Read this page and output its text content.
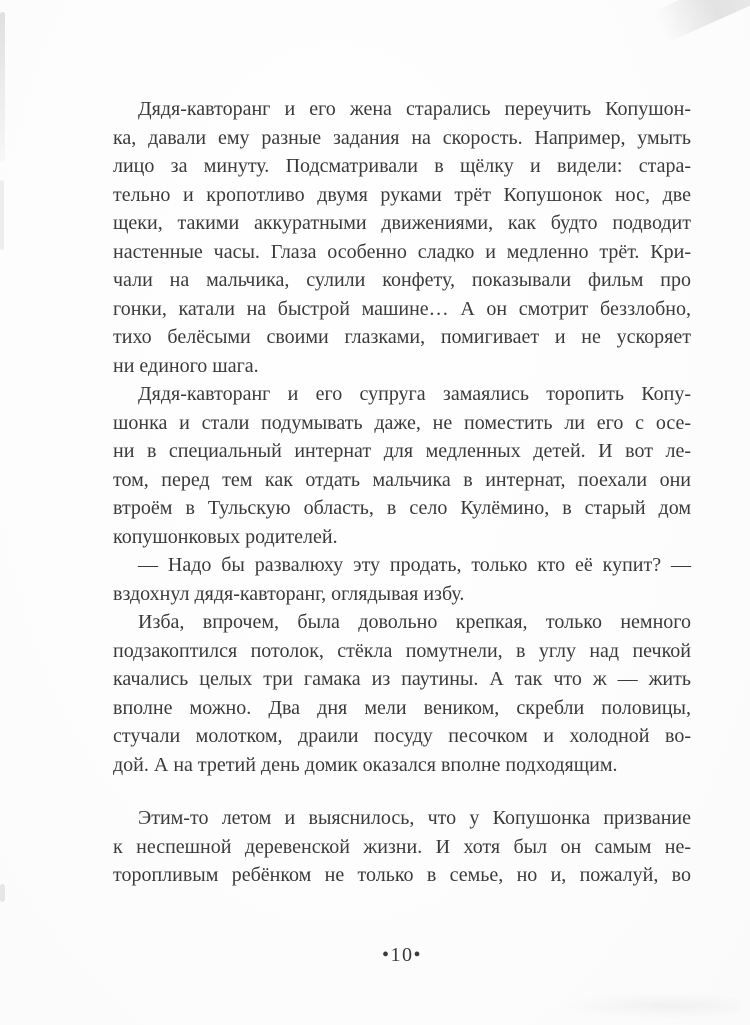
Дядя-кавторанг и его жена старались переучить Копушон-
ка, давали ему разные задания на скорость. Например, умыть
лицо за минуту. Подсматривали в щёлку и видели: стара-
тельно и кропотливо двумя руками трёт Копушонок нос, две
щеки, такими аккуратными движениями, как будто подводит
настенные часы. Глаза особенно сладко и медленно трёт. Кри-
чали на мальчика, сулили конфету, показывали фильм про
гонки, катали на быстрой машине… А он смотрит беззлобно,
тихо белёсыми своими глазками, помигивает и не ускоряет
ни единого шага.
Дядя-кавторанг и его супруга замаялись торопить Копу-
шонка и стали подумывать даже, не поместить ли его с осе-
ни в специальный интернат для медленных детей. И вот ле-
том, перед тем как отдать мальчика в интернат, поехали они
втроём в Тульскую область, в село Кулёмино, в старый дом
копушонковых родителей.
— Надо бы развалюху эту продать, только кто её купит? —
вздохнул дядя-кавторанг, оглядывая избу.
Изба, впрочем, была довольно крепкая, только немного
подзакоптился потолок, стёкла помутнели, в углу над печкой
качались целых три гамака из паутины. А так что ж — жить
вполне можно. Два дня мели веником, скребли половицы,
стучали молотком, драили посуду песочком и холодной во-
дой. А на третий день домик оказался вполне подходящим.
Этим-то летом и выяснилось, что у Копушонка призвание
к неспешной деревенской жизни. И хотя был он самым не-
торопливым ребёнком не только в семье, но и, пожалуй, во
•10•
